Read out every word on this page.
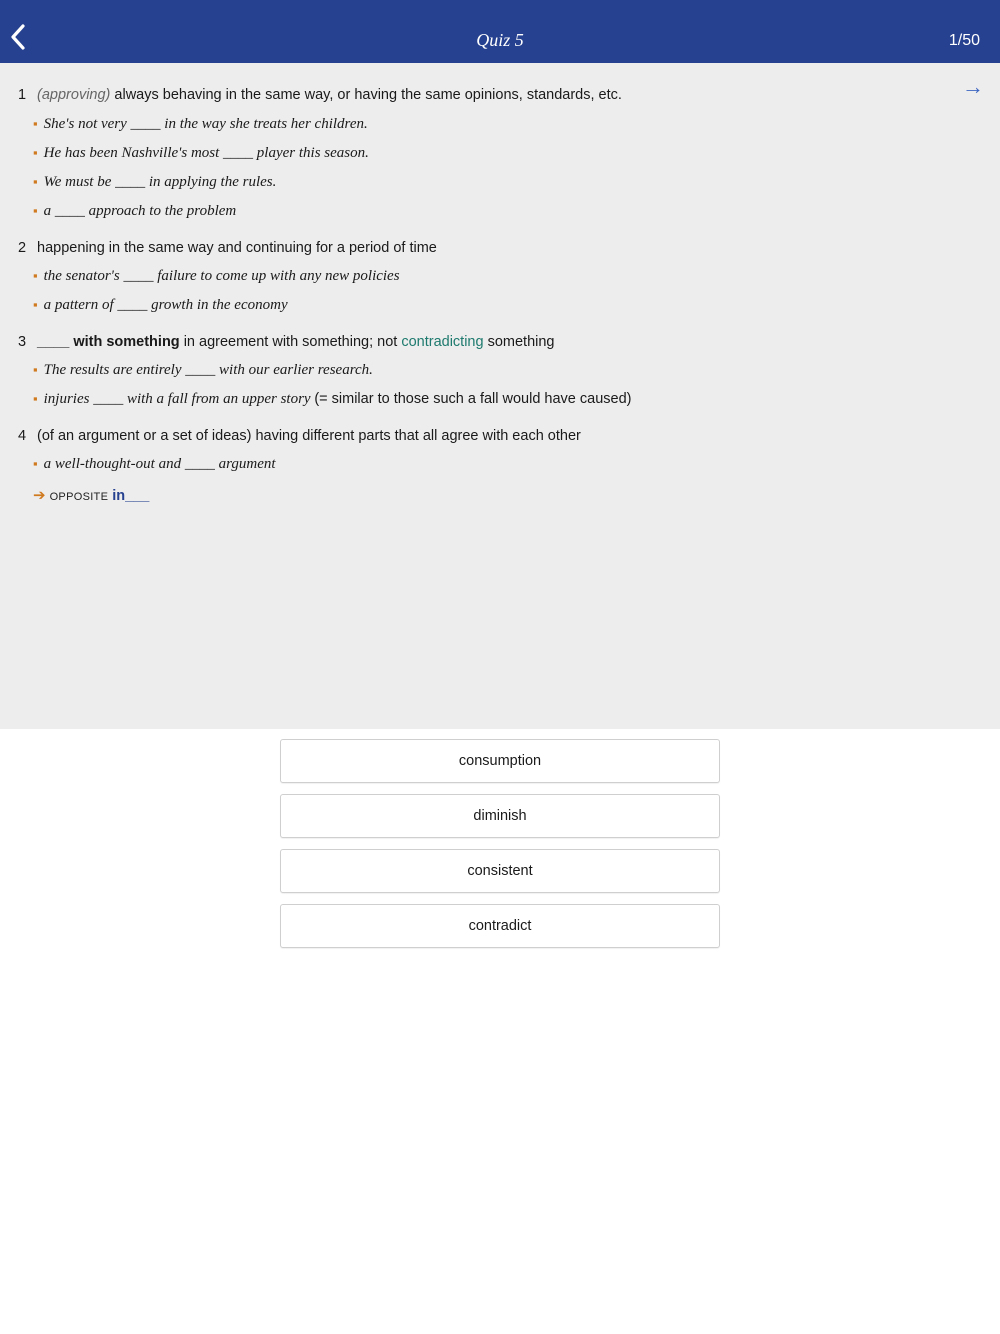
Quiz 5	1/50
→
1 (approving) always behaving in the same way, or having the same opinions, standards, etc.
▪ She's not very ____ in the way she treats her children.
▪ He has been Nashville's most ____ player this season.
▪ We must be ____ in applying the rules.
▪ a ____ approach to the problem
2 happening in the same way and continuing for a period of time
▪ the senator's ____ failure to come up with any new policies
▪ a pattern of ____ growth in the economy
3 ____ with something in agreement with something; not contradicting something
▪ The results are entirely ____ with our earlier research.
▪ injuries ____ with a fall from an upper story (= similar to those such a fall would have caused)
4 (of an argument or a set of ideas) having different parts that all agree with each other
▪ a well-thought-out and ____ argument
➔ OPPOSITE in___
consumption
diminish
consistent
contradict
